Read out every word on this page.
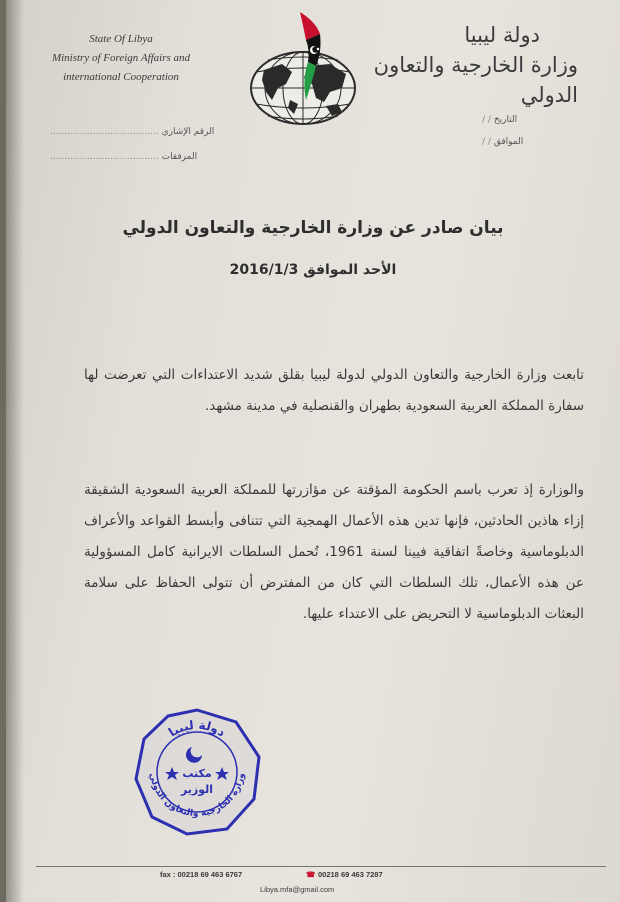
State Of Libya
Ministry of Foreign Affairs and
international Cooperation
دولة ليبيا
وزارة الخارجية والتعاون الدولي
الرقم الإشاري ......................................
المرفقات ......................................
التاريخ / /
الموافق / /
بيان صادر عن وزارة الخارجية والتعاون الدولي
الأحد الموافق 2016/1/3
تابعت وزارة الخارجية والتعاون الدولي لدولة ليبيا بقلق شديد الاعتداءات التي تعرضت لها سفارة المملكة العربية السعودية بطهران والقنصلية في مدينة مشهد.
والوزارة إذ تعرب باسم الحكومة المؤقتة عن مؤازرتها للمملكة العربية السعودية الشقيقة إزاء هاذين الحادثين، فإنها تدين هذه الأعمال الهمجية التي تتنافى وأبسط القواعد والأعراف الدبلوماسية وخاصةً اتفاقية فيينا لسنة 1961، تُحمل السلطات الايرانية كامل المسؤولية عن هذه الأعمال، تلك السلطات التي كان من المفترض أن تتولى الحفاظ على سلامة البعثات الدبلوماسية لا التحريض على الاعتداء عليها.
دولة ليبيا
وزارة الخارجية والتعاون الدولي
مكتب
الوزير
fax : 00218 69 463 6767	☎ 00218 69 463 7287
Libya.mfa@gmail.com
